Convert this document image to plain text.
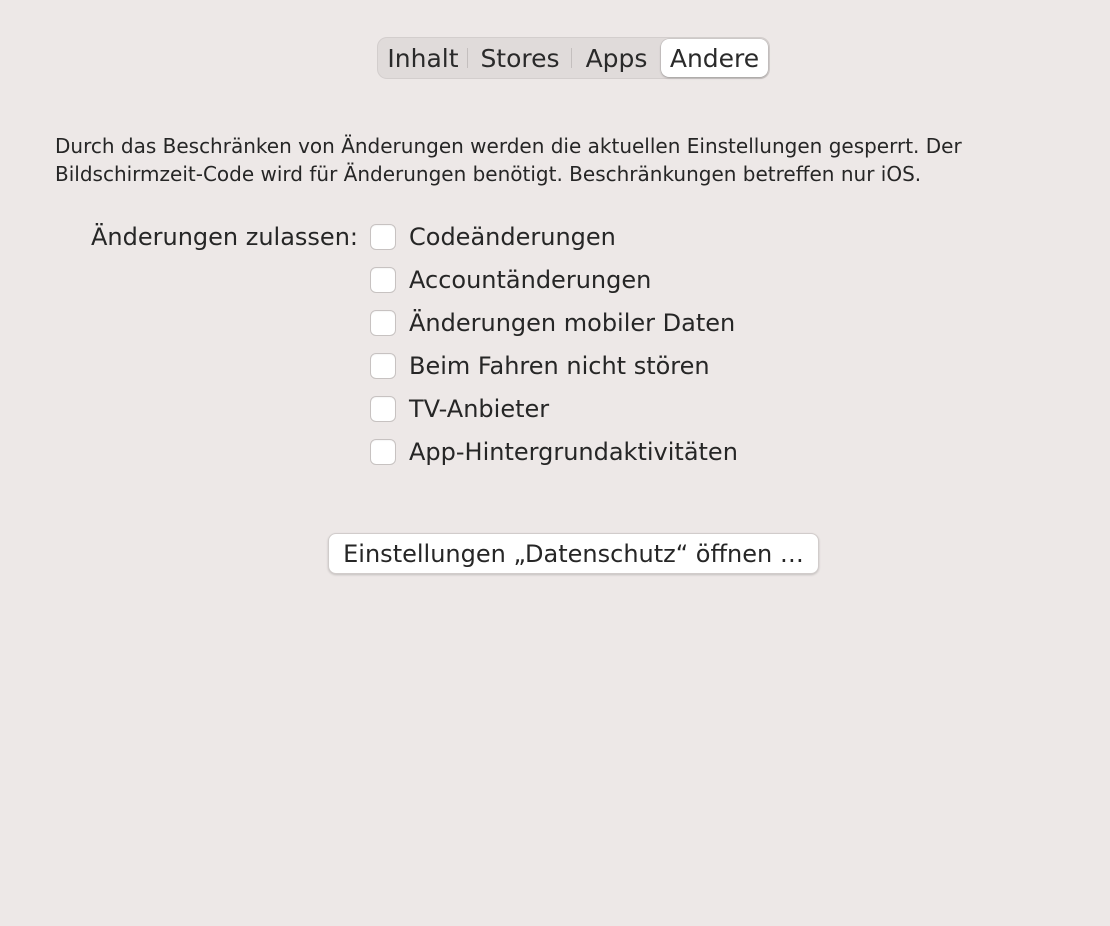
Inhalt Stores Apps Andere

Durch das Beschränken von Änderungen werden die aktuellen Einstellungen gesperrt. Der Bildschirmzeit-Code wird für Änderungen benötigt. Beschränkungen betreffen nur iOS.

Änderungen zulassen: Codeänderungen
Accountänderungen
Änderungen mobiler Daten
Beim Fahren nicht stören
TV-Anbieter
App-Hintergrundaktivitäten
Einstellungen „Datenschutz“ öffnen …
